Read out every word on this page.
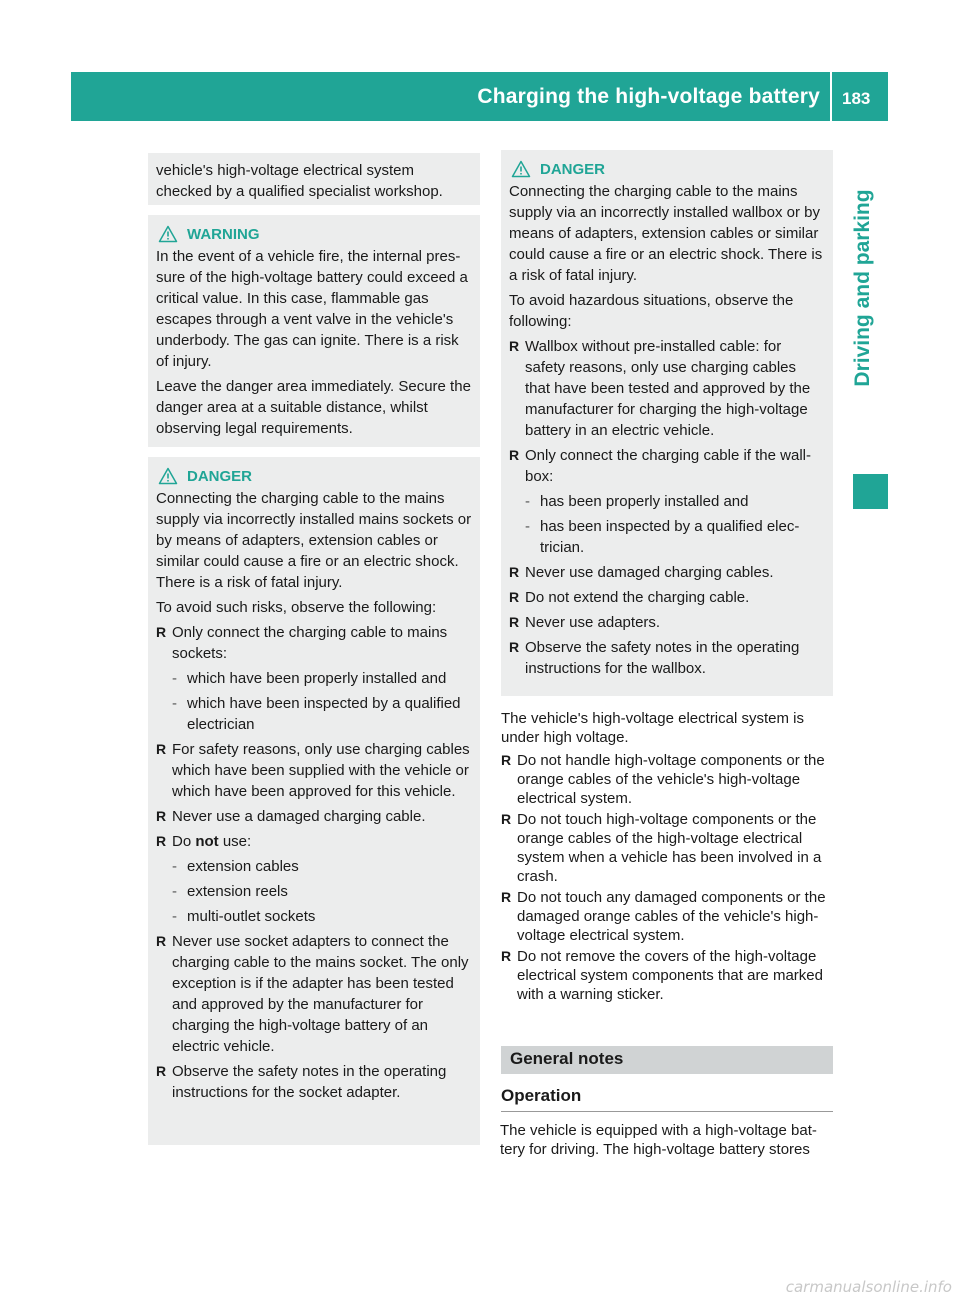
Charging the high-voltage battery 183
Driving and parking

vehicle's high-voltage electrical system checked by a qualified specialist workshop.

WARNING

In the event of a vehicle fire, the internal pressure of the high-voltage battery could exceed a critical value. In this case, flammable gas escapes through a vent valve in the vehicle's underbody. The gas can ignite. There is a risk of injury.

Leave the danger area immediately. Secure the danger area at a suitable distance, whilst observing legal requirements.

DANGER

Connecting the charging cable to the mains supply via incorrectly installed mains sockets or by means of adapters, extension cables or similar could cause a fire or an electric shock. There is a risk of fatal injury.

To avoid such risks, observe the following:

R Only connect the charging cable to mains sockets:
- which have been properly installed and
- which have been inspected by a qualified electrician
R For safety reasons, only use charging cables which have been supplied with the vehicle or which have been approved for this vehicle.
R Never use a damaged charging cable.
R Do not use:
- extension cables
- extension reels
- multi-outlet sockets
R Never use socket adapters to connect the charging cable to the mains socket. The only exception is if the adapter has been tested and approved by the manufacturer for charging the high-voltage battery of an electric vehicle.
R Observe the safety notes in the operating instructions for the socket adapter.
DANGER

Connecting the charging cable to the mains supply via an incorrectly installed wallbox or by means of adapters, extension cables or similar could cause a fire or an electric shock. There is a risk of fatal injury.

To avoid hazardous situations, observe the following:

R Wallbox without pre-installed cable: for safety reasons, only use charging cables that have been tested and approved by the manufacturer for charging the high-voltage battery in an electric vehicle.
R Only connect the charging cable if the wallbox:
- has been properly installed and
- has been inspected by a qualified electrician.
R Never use damaged charging cables.
R Do not extend the charging cable.
R Never use adapters.
R Observe the safety notes in the operating instructions for the wallbox.

The vehicle's high-voltage electrical system is under high voltage.

R Do not handle high-voltage components or the orange cables of the vehicle's high-voltage electrical system.
R Do not touch high-voltage components or the orange cables of the high-voltage electrical system when a vehicle has been involved in a crash.
R Do not touch any damaged components or the damaged orange cables of the vehicle's high-voltage electrical system.
R Do not remove the covers of the high-voltage electrical system components that are marked with a warning sticker.
General notes
Operation

The vehicle is equipped with a high-voltage battery for driving. The high-voltage battery stores

carmanualsonline.info
